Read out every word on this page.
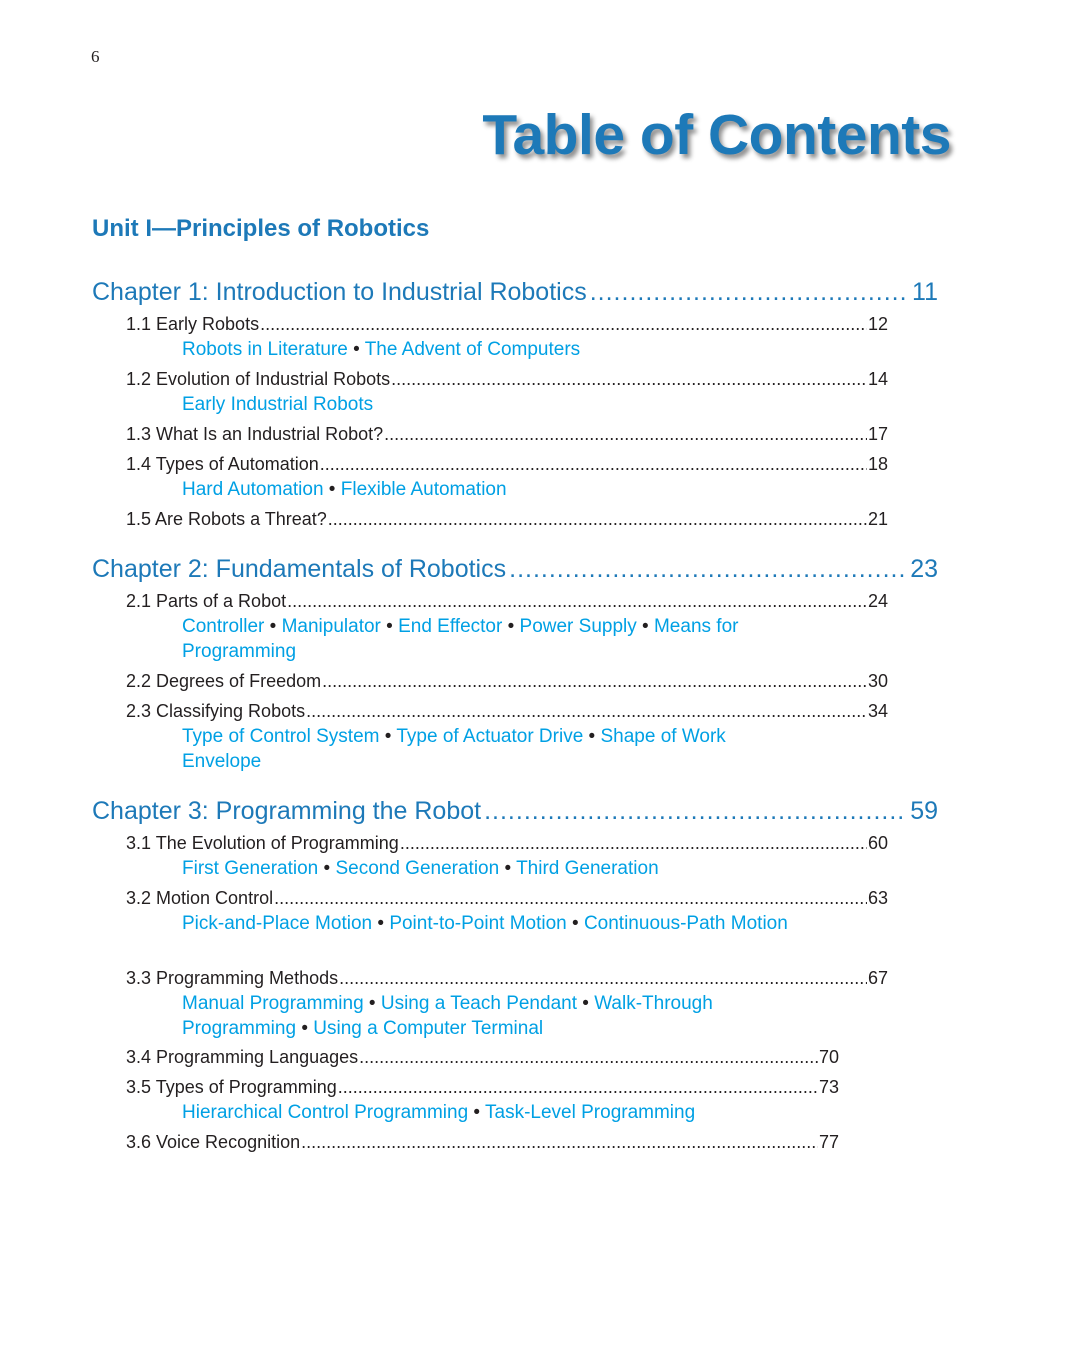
6
Table of Contents
Unit I—Principles of Robotics
Chapter 1: Introduction to Industrial Robotics .....	11
1.1 Early Robots .....	12
Robots in Literature • The Advent of Computers
1.2 Evolution of Industrial Robots .....	14
Early Industrial Robots
1.3 What Is an Industrial Robot? .....	17
1.4 Types of Automation .....	18
Hard Automation • Flexible Automation
1.5 Are Robots a Threat? .....	21
Chapter 2: Fundamentals of Robotics .....	23
2.1 Parts of a Robot .....	24
Controller • Manipulator • End Effector • Power Supply • Means for Programming
2.2 Degrees of Freedom .....	30
2.3 Classifying Robots .....	34
Type of Control System • Type of Actuator Drive • Shape of Work Envelope
Chapter 3: Programming the Robot .....	59
3.1 The Evolution of Programming .....	60
First Generation • Second Generation • Third Generation
3.2 Motion Control .....	63
Pick-and-Place Motion • Point-to-Point Motion • Continuous-Path Motion
3.3 Programming Methods .....	67
Manual Programming • Using a Teach Pendant • Walk-Through Programming • Using a Computer Terminal
3.4 Programming Languages .....	70
3.5 Types of Programming .....	73
Hierarchical Control Programming • Task-Level Programming
3.6 Voice Recognition .....	77
